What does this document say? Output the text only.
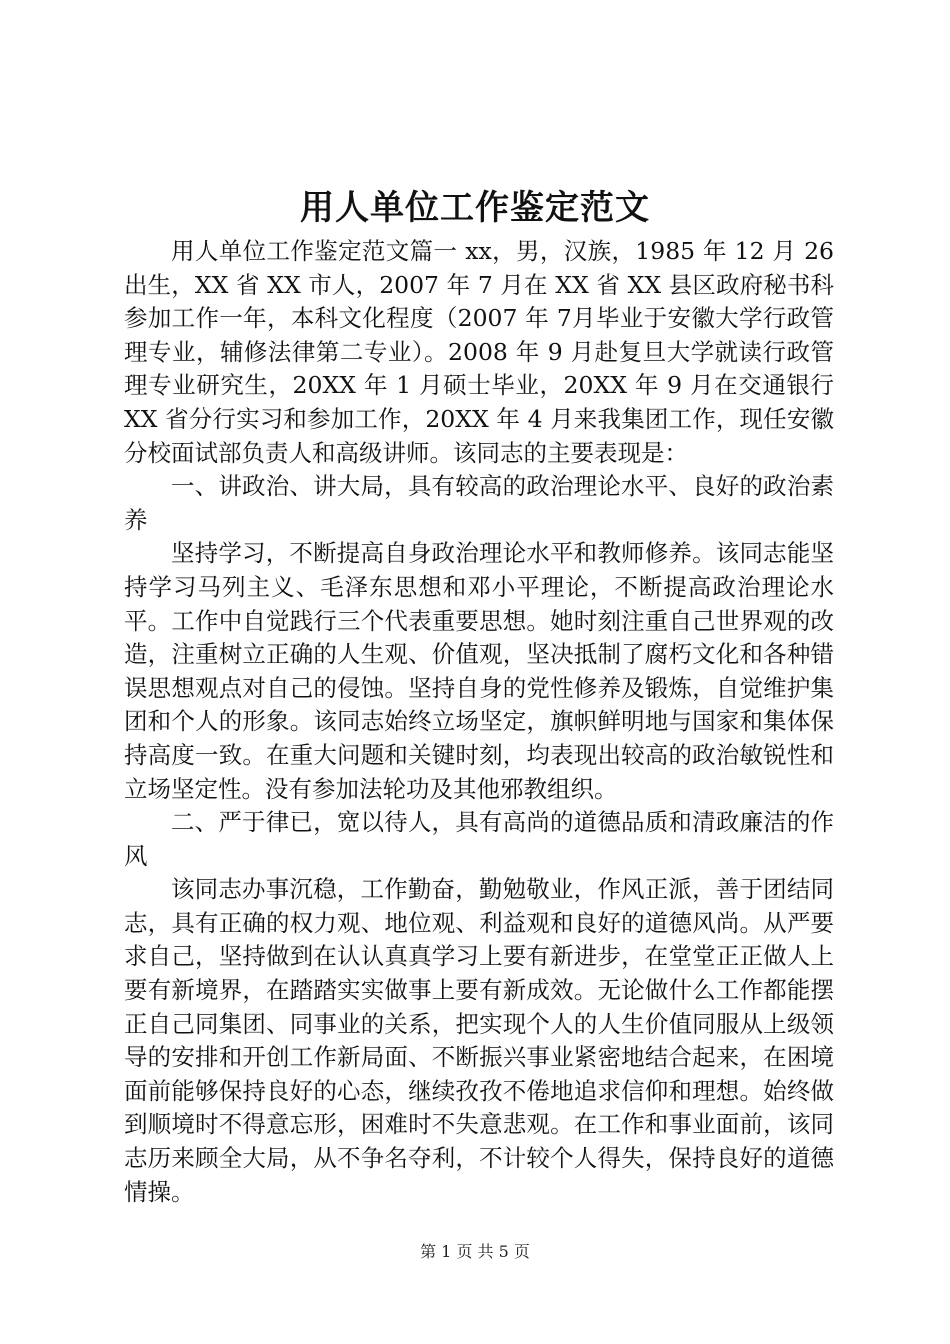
用人单位工作鉴定范文

用人单位工作鉴定范文篇一 xx，男，汉族，1985 年 12 月 26 出生，XX 省 XX 市人，2007 年 7 月在 XX 省 XX 县区政府秘书科参加工作一年，本科文化程度（2007 年 7月毕业于安徽大学行政管理专业，辅修法律第二专业）。2008 年 9 月赴复旦大学就读行政管理专业研究生，20XX 年 1 月硕士毕业，20XX 年 9 月在交通银行 XX 省分行实习和参加工作，20XX 年 4 月来我集团工作，现任安徽分校面试部负责人和高级讲师。该同志的主要表现是：

一、讲政治、讲大局，具有较高的政治理论水平、良好的政治素养

坚持学习，不断提高自身政治理论水平和教师修养。该同志能坚持学习马列主义、毛泽东思想和邓小平理论，不断提高政治理论水平。工作中自觉践行三个代表重要思想。她时刻注重自己世界观的改造，注重树立正确的人生观、价值观，坚决抵制了腐朽文化和各种错误思想观点对自己的侵蚀。坚持自身的党性修养及锻炼，自觉维护集团和个人的形象。该同志始终立场坚定，旗帜鲜明地与国家和集体保持高度一致。在重大问题和关键时刻，均表现出较高的政治敏锐性和立场坚定性。没有参加法轮功及其他邪教组织。

二、严于律已，宽以待人，具有高尚的道德品质和清政廉洁的作风

该同志办事沉稳，工作勤奋，勤勉敬业，作风正派，善于团结同志，具有正确的权力观、地位观、利益观和良好的道德风尚。从严要求自己，坚持做到在认认真真学习上要有新进步，在堂堂正正做人上要有新境界，在踏踏实实做事上要有新成效。无论做什么工作都能摆正自己同集团、同事业的关系，把实现个人的人生价值同服从上级领导的安排和开创工作新局面、不断振兴事业紧密地结合起来，在困境面前能够保持良好的心态，继续孜孜不倦地追求信仰和理想。始终做到顺境时不得意忘形，困难时不失意悲观。在工作和事业面前，该同志历来顾全大局，从不争名夺利，不计较个人得失，保持良好的道德情操。

第 1 页 共 5 页
